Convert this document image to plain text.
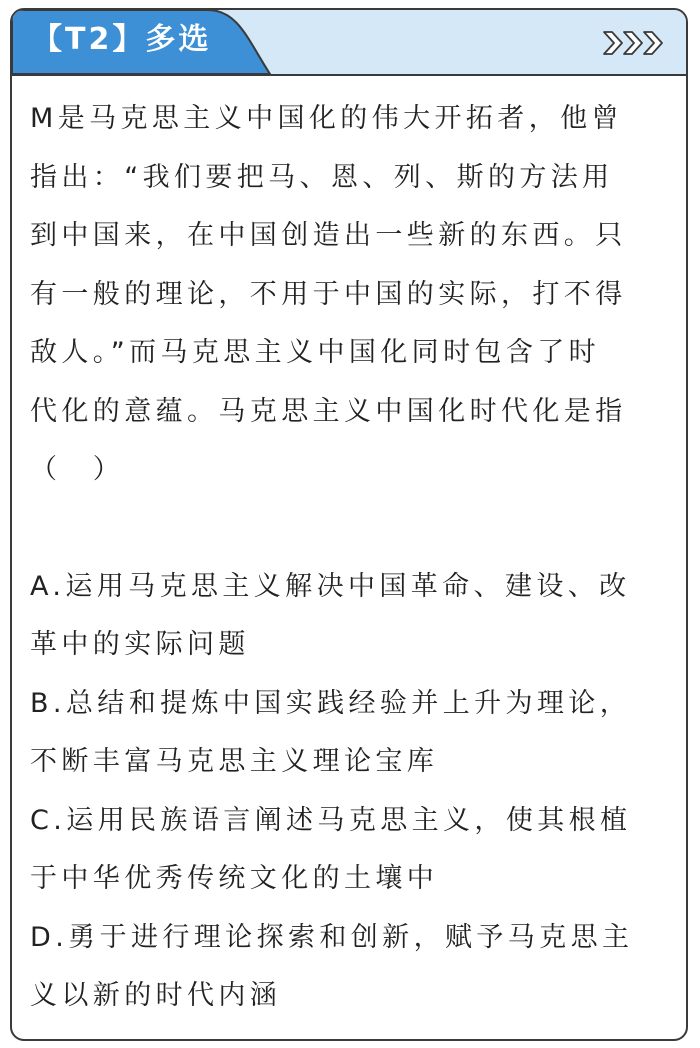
【T2】多选

M是马克思主义中国化的伟大开拓者，他曾

指出：“我们要把马、恩、列、斯的方法用

到中国来，在中国创造出一些新的东西。只

有一般的理论，不用于中国的实际，打不得

敌人。”而马克思主义中国化同时包含了时

代化的意蕴。马克思主义中国化时代化是指

（　）

A.运用马克思主义解决中国革命、建设、改

革中的实际问题

B.总结和提炼中国实践经验并上升为理论，

不断丰富马克思主义理论宝库

C.运用民族语言阐述马克思主义，使其根植

于中华优秀传统文化的土壤中

D.勇于进行理论探索和创新，赋予马克思主

义以新的时代内涵
